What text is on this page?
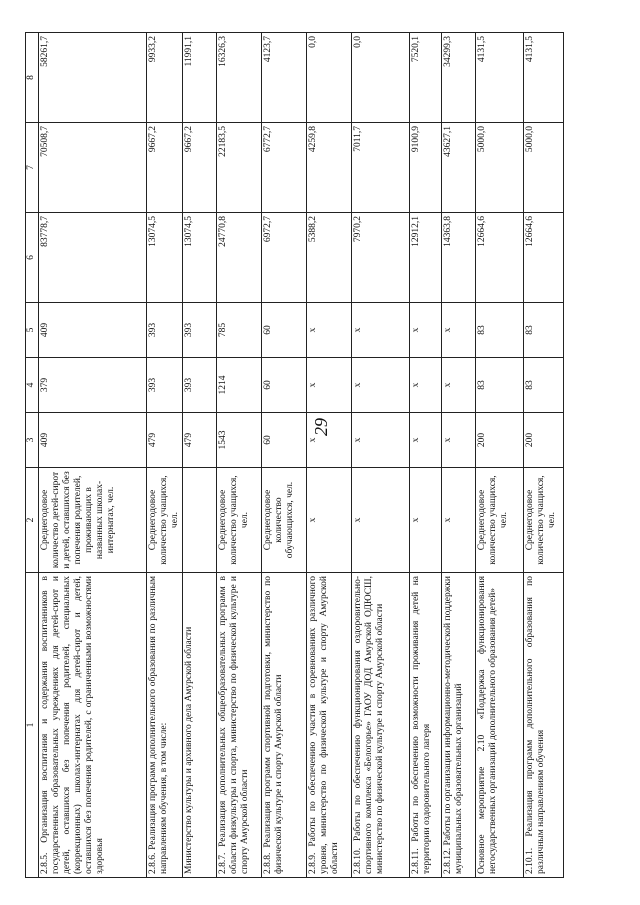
29
1	2	3	4	5	6	7	8
2.8.5. Организация воспитания и содержания воспитанников в государственных образовательных учреждениях для детей-сирот и детей, оставшихся без попечения родителей, специальных (коррекционных) школах-интернатах для детей-сирот и детей, оставшихся без попечения родителей, с ограниченными возможностями здоровья	Среднегодовое количество детей-сирот и детей, оставшихся без попечения родителей, проживающих в названных школах-интернатах, чел.	409	379	409	83778,7	70508,7	58261,7
2.8.6. Реализация программ дополнительного образования по различным направлениям обучения, в том числе:	Среднегодовое количество учащихся, чел.	479	393	393	13074,5	9667,2	9933,2
Министерство культуры и архивного дела Амурской области		479	393	393	13074,5	9667,2	11991,1
2.8.7. Реализация дополнительных общеобразовательных программ в области физкультуры и спорта, министерство по физической культуре и спорту Амурской области	Среднегодовое количество учащихся, чел.	1543	1214	785	24770,8	22183,5	16326,3
2.8.8. Реализация программ спортивной подготовки, министерство по физической культуре и спорту Амурской области	Среднегодовое количество обучающихся, чел.	60	60	60	6972,7	6772,7	4123,7
2.8.9. Работы по обеспечению участия в соревнованиях различного уровня, министерство по физической культуре и спорту Амурской области	x	x	x	x	5388,2	4259,8	0,0
2.8.10. Работы по обеспечению функционирования оздоровительно-спортивного комплекса «Белогорье» ГАОУ ДОД Амурской ОДЮСШ, министерство по физической культуре и спорту Амурской области	x	x	x	x	7970,2	7011,7	0,0
2.8.11. Работы по обеспечению возможности проживания детей на территории оздоровительного лагеря	x	x	x	x	12912,1	9100,9	7520,1
2.8.12. Работы по организации информационно-методической поддержки муниципальных образовательных организаций	x	x	x	x	14363,8	43627,1	34299,3
Основное мероприятие 2.10 «Поддержка функционирования негосударственных организаций дополнительного образования детей»	Среднегодовое количество учащихся, чел.	200	83	83	12664,6	5000,0	4131,5
2.10.1. Реализация программ дополнительного образования по различным направлениям обучения	Среднегодовое количество учащихся, чел.	200	83	83	12664,6	5000,0	4131,5
